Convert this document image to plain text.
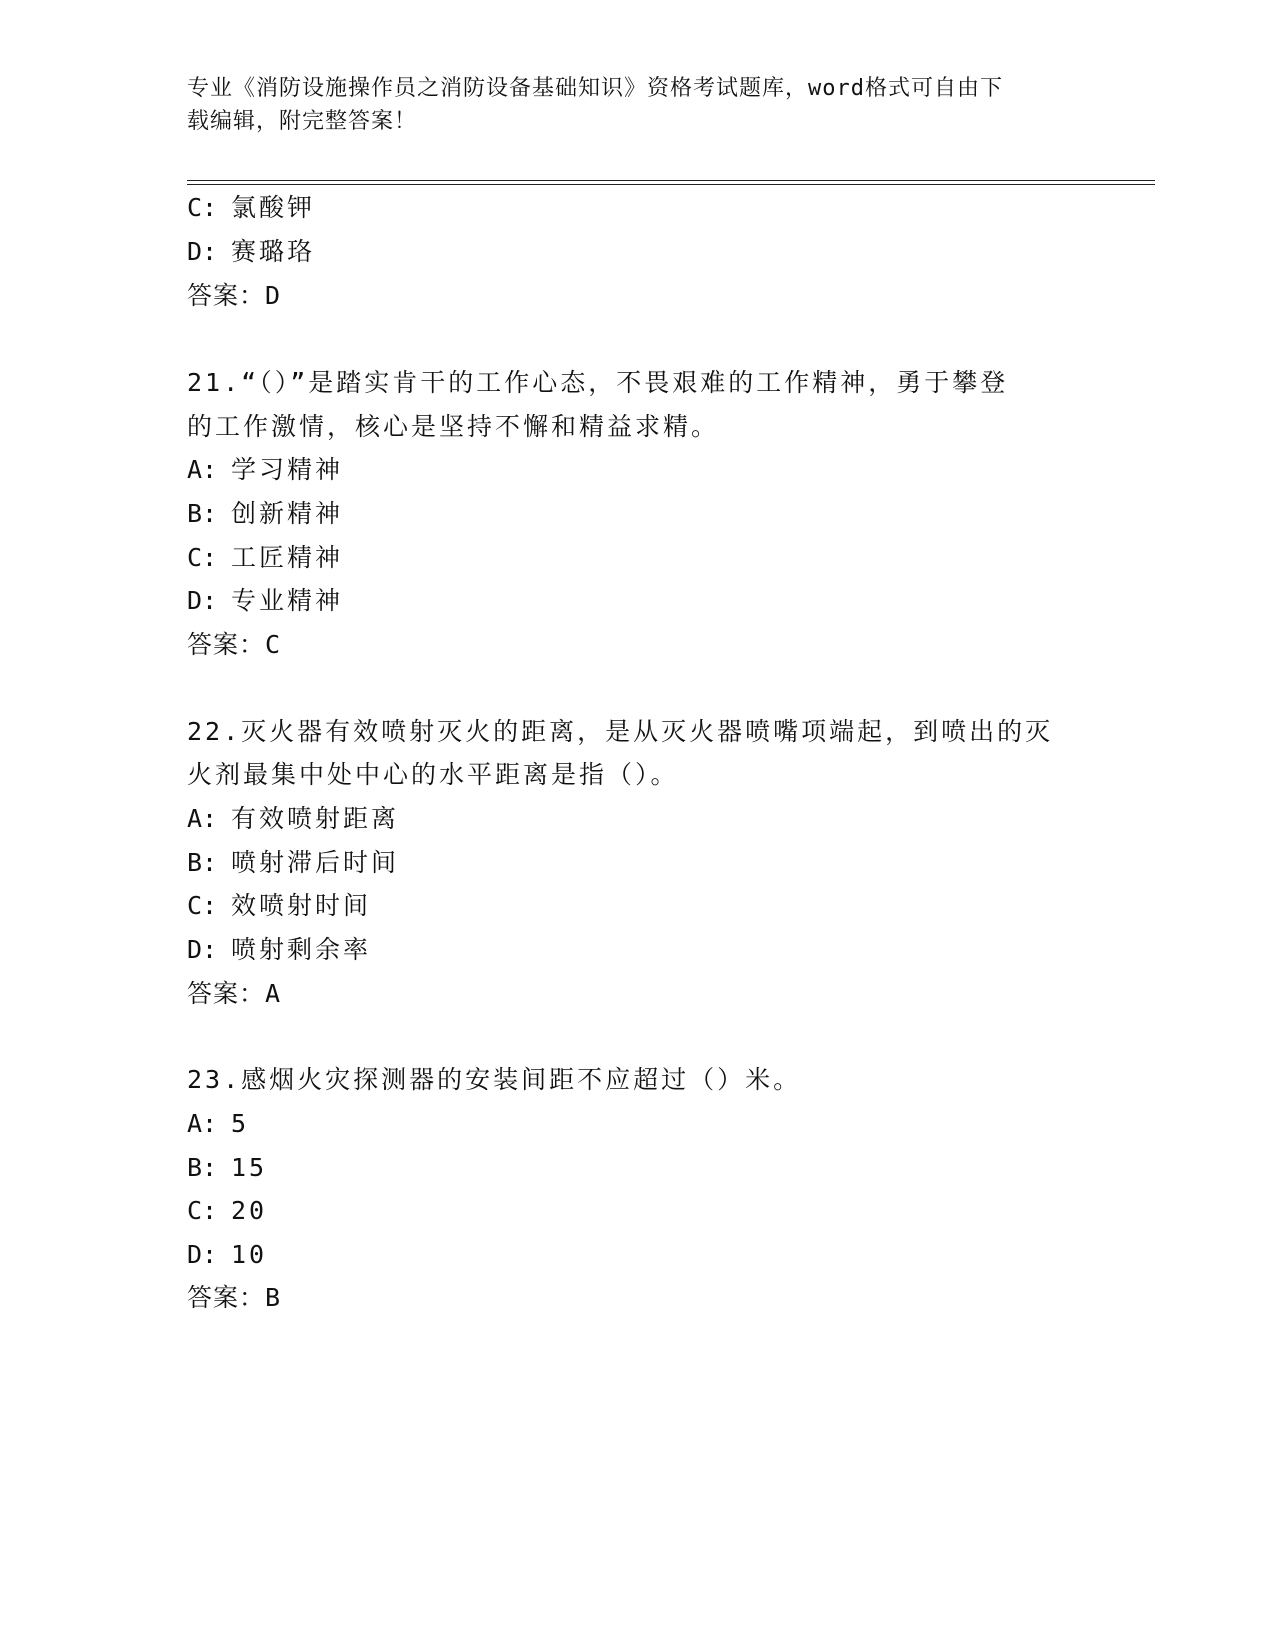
专业《消防设施操作员之消防设备基础知识》资格考试题库，word格式可自由下
载编辑，附完整答案！
C: 氯酸钾
D: 赛璐珞
答案：D
21.“（）”是踏实肯干的工作心态，不畏艰难的工作精神，勇于攀登
的工作激情，核心是坚持不懈和精益求精。
A: 学习精神
B: 创新精神
C: 工匠精神
D: 专业精神
答案：C
22.灭火器有效喷射灭火的距离，是从灭火器喷嘴项端起，到喷出的灭
火剂最集中处中心的水平距离是指（）。
A: 有效喷射距离
B: 喷射滞后时间
C: 效喷射时间
D: 喷射剩余率
答案：A
23.感烟火灾探测器的安装间距不应超过（）米。
A: 5
B: 15
C: 20
D: 10
答案：B
